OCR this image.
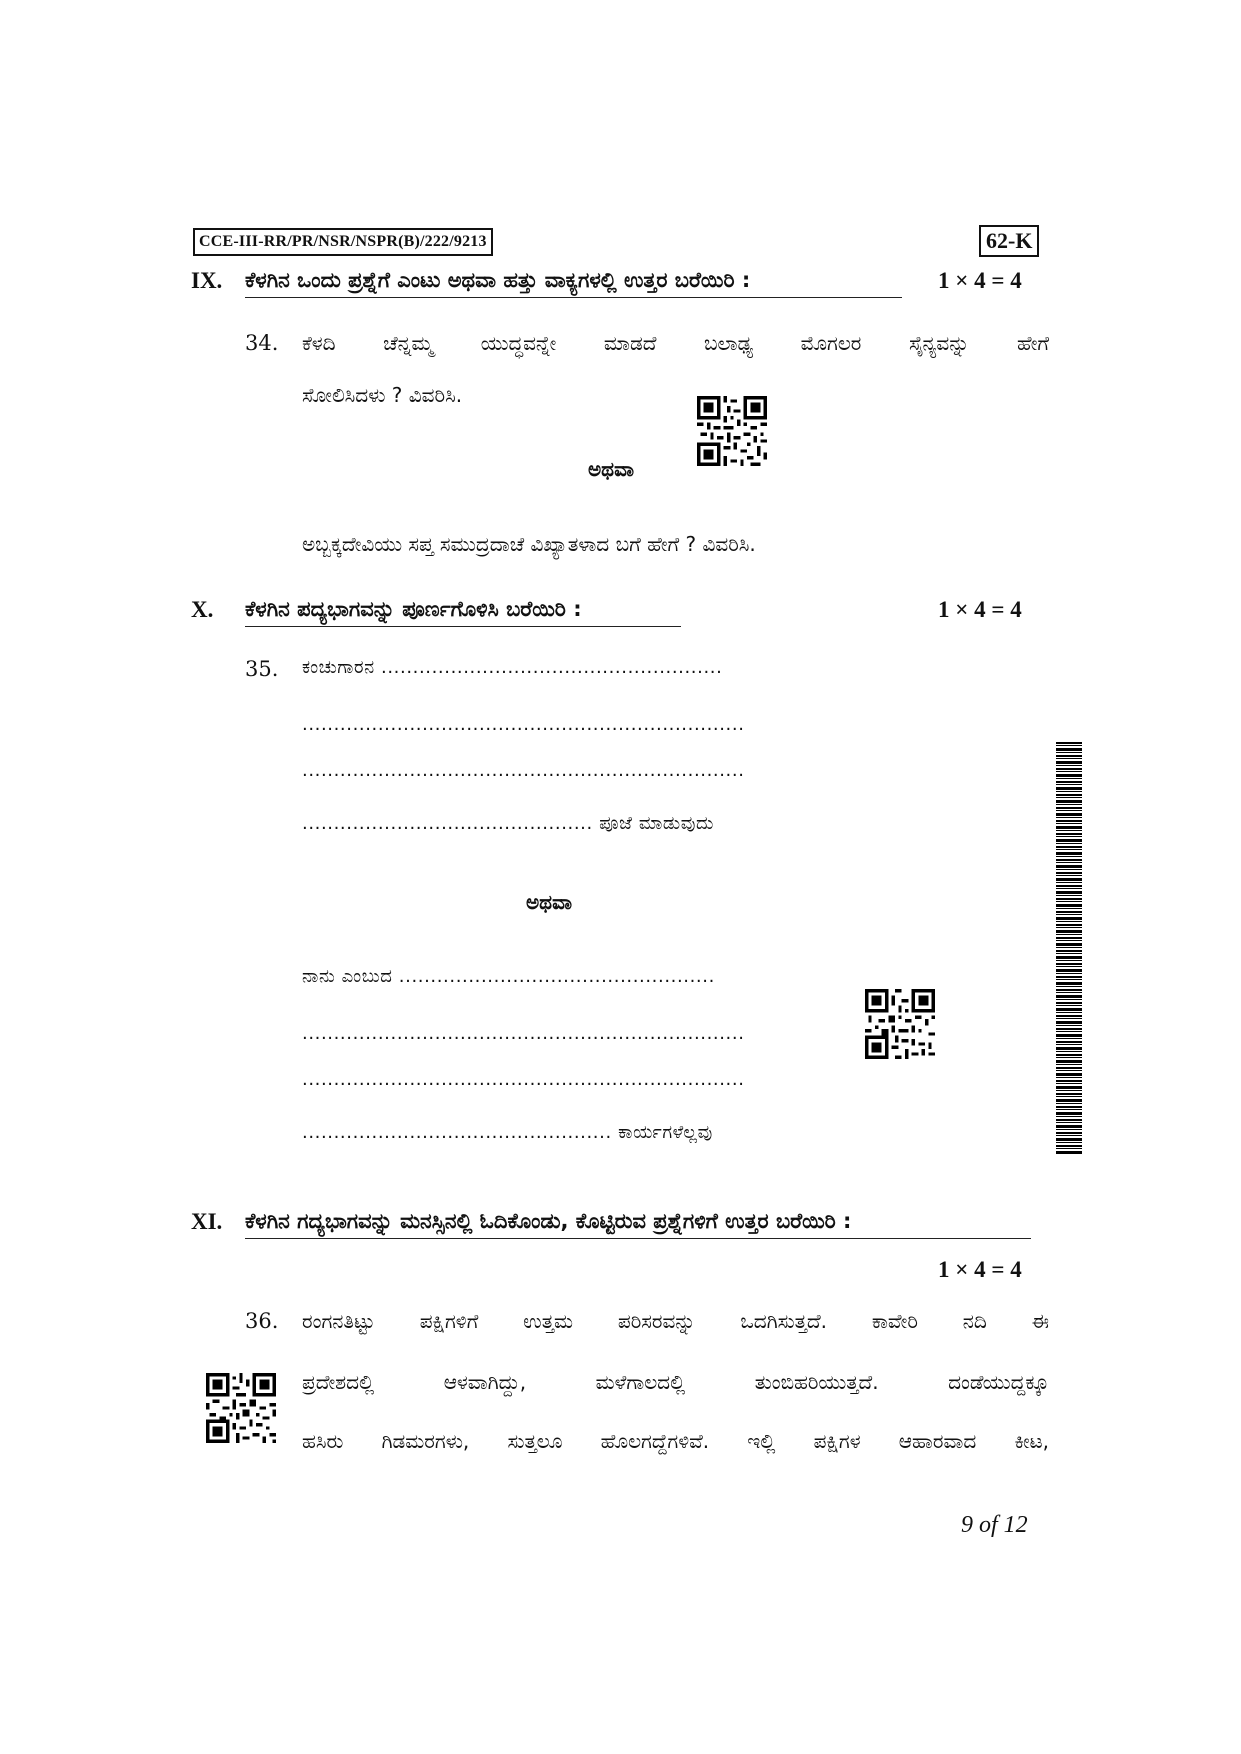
CCE-III-RR/PR/NSR/NSPR(B)/222/9213	62-K
IX. ಕೆಳಗಿನ ಒಂದು ಪ್ರಶ್ನೆಗೆ ಎಂಟು ಅಥವಾ ಹತ್ತು ವಾಕ್ಯಗಳಲ್ಲಿ ಉತ್ತರ ಬರೆಯಿರಿ :	1 × 4 = 4
34. ಕೆಳದಿ ಚೆನ್ನಮ್ಮ ಯುದ್ಧವನ್ನೇ ಮಾಡದೆ ಬಲಾಢ್ಯ ಮೊಗಲರ ಸೈನ್ಯವನ್ನು ಹೇಗೆ
ಸೋಲಿಸಿದಳು ? ವಿವರಿಸಿ.
ಅಥವಾ
ಅಬ್ಬಕ್ಕದೇವಿಯು ಸಪ್ತ ಸಮುದ್ರದಾಚೆ ವಿಖ್ಯಾತಳಾದ ಬಗೆ ಹೇಗೆ ? ವಿವರಿಸಿ.
X. ಕೆಳಗಿನ ಪದ್ಯಭಾಗವನ್ನು ಪೂರ್ಣಗೊಳಿಸಿ ಬರೆಯಿರಿ :	1 × 4 = 4
35. ಕಂಚುಗಾರನ ......................................................
......................................................................
......................................................................
.............................................. ಪೂಜೆ ಮಾಡುವುದು
ಅಥವಾ
ನಾನು ಎಂಬುದ ..................................................
......................................................................
......................................................................
................................................. ಕಾರ್ಯಗಳೆಲ್ಲವು
XI. ಕೆಳಗಿನ ಗದ್ಯಭಾಗವನ್ನು ಮನಸ್ಸಿನಲ್ಲಿ ಓದಿಕೊಂಡು, ಕೊಟ್ಟಿರುವ ಪ್ರಶ್ನೆಗಳಿಗೆ ಉತ್ತರ ಬರೆಯಿರಿ :
1 × 4 = 4
36. ರಂಗನತಿಟ್ಟು ಪಕ್ಷಿಗಳಿಗೆ ಉತ್ತಮ ಪರಿಸರವನ್ನು ಒದಗಿಸುತ್ತದೆ. ಕಾವೇರಿ ನದಿ ಈ
ಪ್ರದೇಶದಲ್ಲಿ ಆಳವಾಗಿದ್ದು, ಮಳೆಗಾಲದಲ್ಲಿ ತುಂಬಿಹರಿಯುತ್ತದೆ. ದಂಡೆಯುದ್ದಕ್ಕೂ
ಹಸಿರು ಗಿಡಮರಗಳು, ಸುತ್ತಲೂ ಹೊಲಗದ್ದೆಗಳಿವೆ. ಇಲ್ಲಿ ಪಕ್ಷಿಗಳ ಆಹಾರವಾದ ಕೀಟ,
9 of 12
